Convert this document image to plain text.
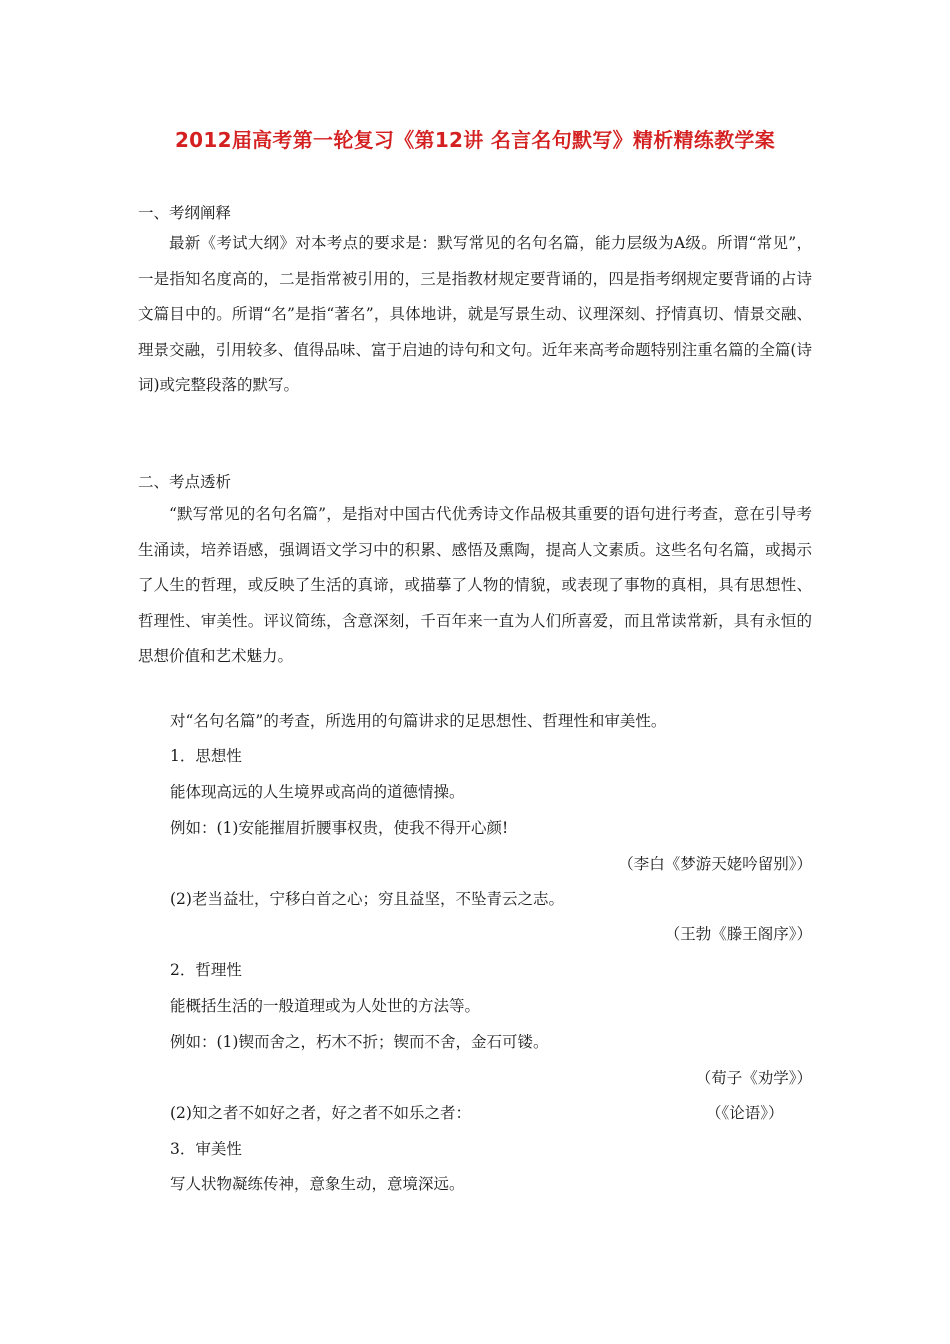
2012届高考第一轮复习《第12讲 名言名句默写》精析精练教学案
一、考纲阐释

最新《考试大纲》对本考点的要求是：默写常见的名句名篇，能力层级为A级。所谓“常见”，一是指知名度高的，二是指常被引用的，三是指教材规定要背诵的，四是指考纲规定要背诵的占诗文篇目中的。所谓“名”是指“著名”，具体地讲，就是写景生动、议理深刻、抒情真切、情景交融、理景交融，引用较多、值得品味、富于启迪的诗句和文句。近年来高考命题特别注重名篇的全篇(诗词)或完整段落的默写。

二、考点透析

“默写常见的名句名篇”，是指对中国古代优秀诗文作品极其重要的语句进行考查，意在引导考生涌读，培养语感，强调语文学习中的积累、感悟及熏陶，提高人文素质。这些名句名篇，或揭示了人生的哲理，或反映了生活的真谛，或描摹了人物的情貌，或表现了事物的真相，具有思想性、哲理性、审美性。评议简练，含意深刻，千百年来一直为人们所喜爱，而且常读常新，具有永恒的思想价值和艺术魅力。

对“名句名篇”的考查，所选用的句篇讲求的足思想性、哲理性和审美性。
1．思想性
能体现高远的人生境界或高尚的道德情操。
例如：(1)安能摧眉折腰事权贵，使我不得开心颜!
（李白《梦游天姥吟留别》）
(2)老当益壮，宁移白首之心；穷且益坚，不坠青云之志。
（王勃《滕王阁序》）
2．哲理性
能概括生活的一般道理或为人处世的方法等。
例如：(1)锲而舍之，朽木不折；锲而不舍，金石可镂。
（荀子《劝学》）
(2)知之者不如好之者，好之者不如乐之者：	（《论语》）
3．审美性
写人状物凝练传神，意象生动，意境深远。
